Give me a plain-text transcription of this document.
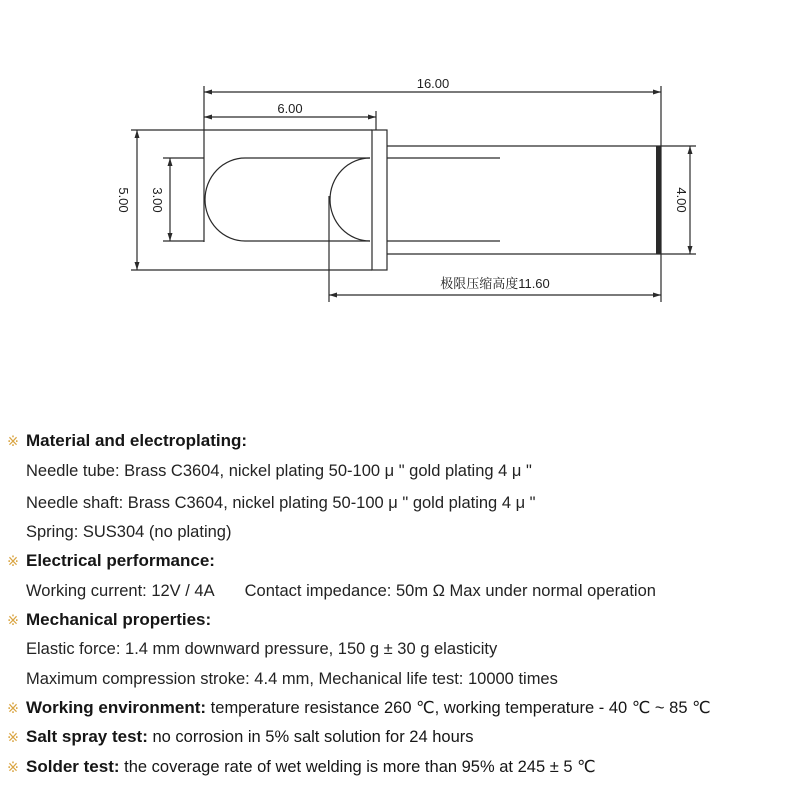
16.00
6.00
5.00 3.00	4.00
极限压缩高度11.60
※ Material and electroplating:
Needle tube: Brass C3604, nickel plating 50-100 μ " gold plating 4 μ "
Needle shaft: Brass C3604, nickel plating 50-100 μ " gold plating 4 μ "
Spring: SUS304 (no plating)
※ Electrical performance:
Working current: 12V / 4A Contact impedance: 50m Ω Max under normal operation
※ Mechanical properties:
Elastic force: 1.4 mm downward pressure, 150 g ± 30 g elasticity
Maximum compression stroke: 4.4 mm, Mechanical life test: 10000 times
※ Working environment: temperature resistance 260 ℃, working temperature - 40 ℃ ~ 85 ℃
※ Salt spray test: no corrosion in 5% salt solution for 24 hours
※ Solder test: the coverage rate of wet welding is more than 95% at 245 ± 5 ℃
